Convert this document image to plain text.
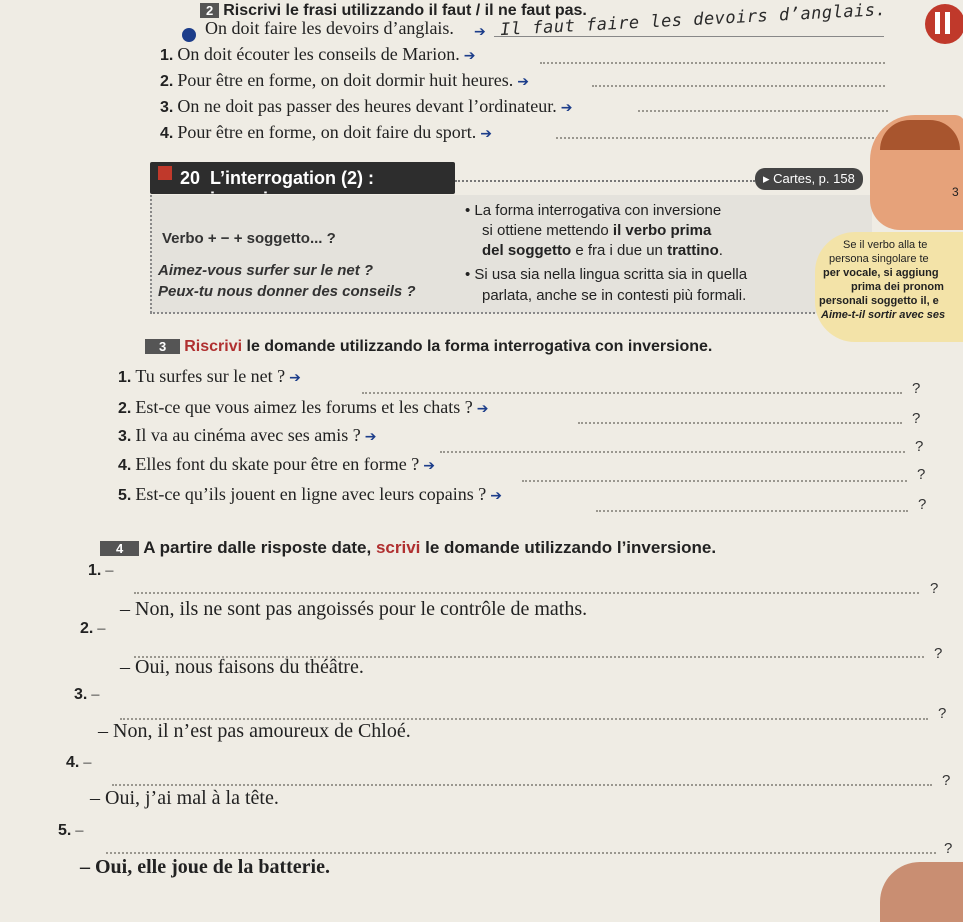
2 Riscrivi le frasi utilizzando il faut / il ne faut pas.
On doit faire les devoirs d’anglais. ➔ Il faut faire les devoirs d’anglais.
1. On doit écouter les conseils de Marion. ➔
2. Pour être en forme, on doit dormir huit heures. ➔
3. On ne doit pas passer des heures devant l’ordinateur. ➔
4. Pour être en forme, on doit faire du sport. ➔
20 L’interrogation (2) :	▸ Cartes, p. 158
Verbo + − + soggetto... ?
Aimez-vous surfer sur le net ?
Peux-tu nous donner des conseils ?
• La forma interrogativa con inversione
si ottiene mettendo il verbo prima
del soggetto e fra i due un trattino.
• Si usa sia nella lingua scritta sia in quella
parlata, anche se in contesti più formali.
Se il verbo alla te
persona singolare te
per vocale, si aggiung
prima dei pronom
personali soggetto il, e
Aime-t-il sortir avec ses
3
3 Riscrivi le domande utilizzando la forma interrogativa con inversione.
1. Tu surfes sur le net ? ➔
?
2. Est-ce que vous aimez les forums et les chats ? ➔
?
3. Il va au cinéma avec ses amis ? ➔
?
4. Elles font du skate pour être en forme ? ➔	?
5. Est-ce qu’ils jouent en ligne avec leurs copains ? ➔	?
4 A partire dalle risposte date, scrivi le domande utilizzando l’inversione.
1. –
?
– Non, ils ne sont pas angoissés pour le contrôle de maths.
2. –
?
– Oui, nous faisons du théâtre.
3. –
?
– Non, il n’est pas amoureux de Chloé.
4. –
?
– Oui, j’ai mal à la tête.
5. –
?
– Oui, elle joue de la batterie.
